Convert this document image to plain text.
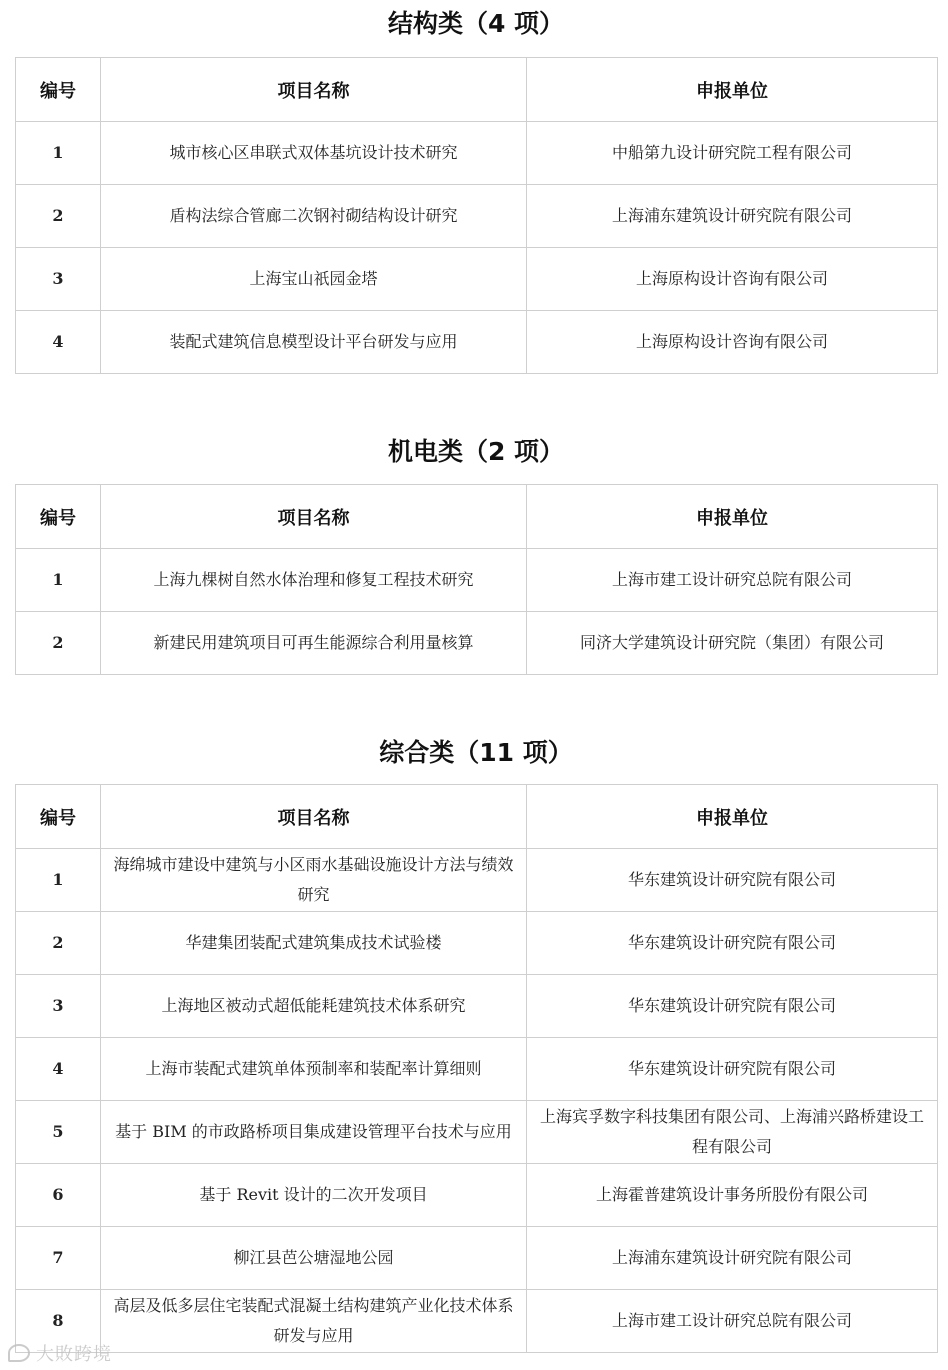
结构类（4 项）
编号	项目名称	申报单位
1	城市核心区串联式双体基坑设计技术研究	中船第九设计研究院工程有限公司
2	盾构法综合管廊二次钢衬砌结构设计研究	上海浦东建筑设计研究院有限公司
3	上海宝山祇园金塔	上海原构设计咨询有限公司
4	装配式建筑信息模型设计平台研发与应用	上海原构设计咨询有限公司
机电类（2 项）
编号	项目名称	申报单位
1	上海九棵树自然水体治理和修复工程技术研究	上海市建工设计研究总院有限公司
2	新建民用建筑项目可再生能源综合利用量核算	同济大学建筑设计研究院（集团）有限公司
综合类（11 项）
编号	项目名称	申报单位
1	海绵城市建设中建筑与小区雨水基础设施设计方法与绩效研究	华东建筑设计研究院有限公司
2	华建集团装配式建筑集成技术试验楼	华东建筑设计研究院有限公司
3	上海地区被动式超低能耗建筑技术体系研究	华东建筑设计研究院有限公司
4	上海市装配式建筑单体预制率和装配率计算细则	华东建筑设计研究院有限公司
5	基于 BIM 的市政路桥项目集成建设管理平台技术与应用	上海宾孚数字科技集团有限公司、上海浦兴路桥建设工程有限公司
6	基于 Revit 设计的二次开发项目	上海霍普建筑设计事务所股份有限公司
7	柳江县芭公塘湿地公园	上海浦东建筑设计研究院有限公司
8	高层及低多层住宅装配式混凝土结构建筑产业化技术体系研发与应用	上海市建工设计研究总院有限公司
大敗跨境
